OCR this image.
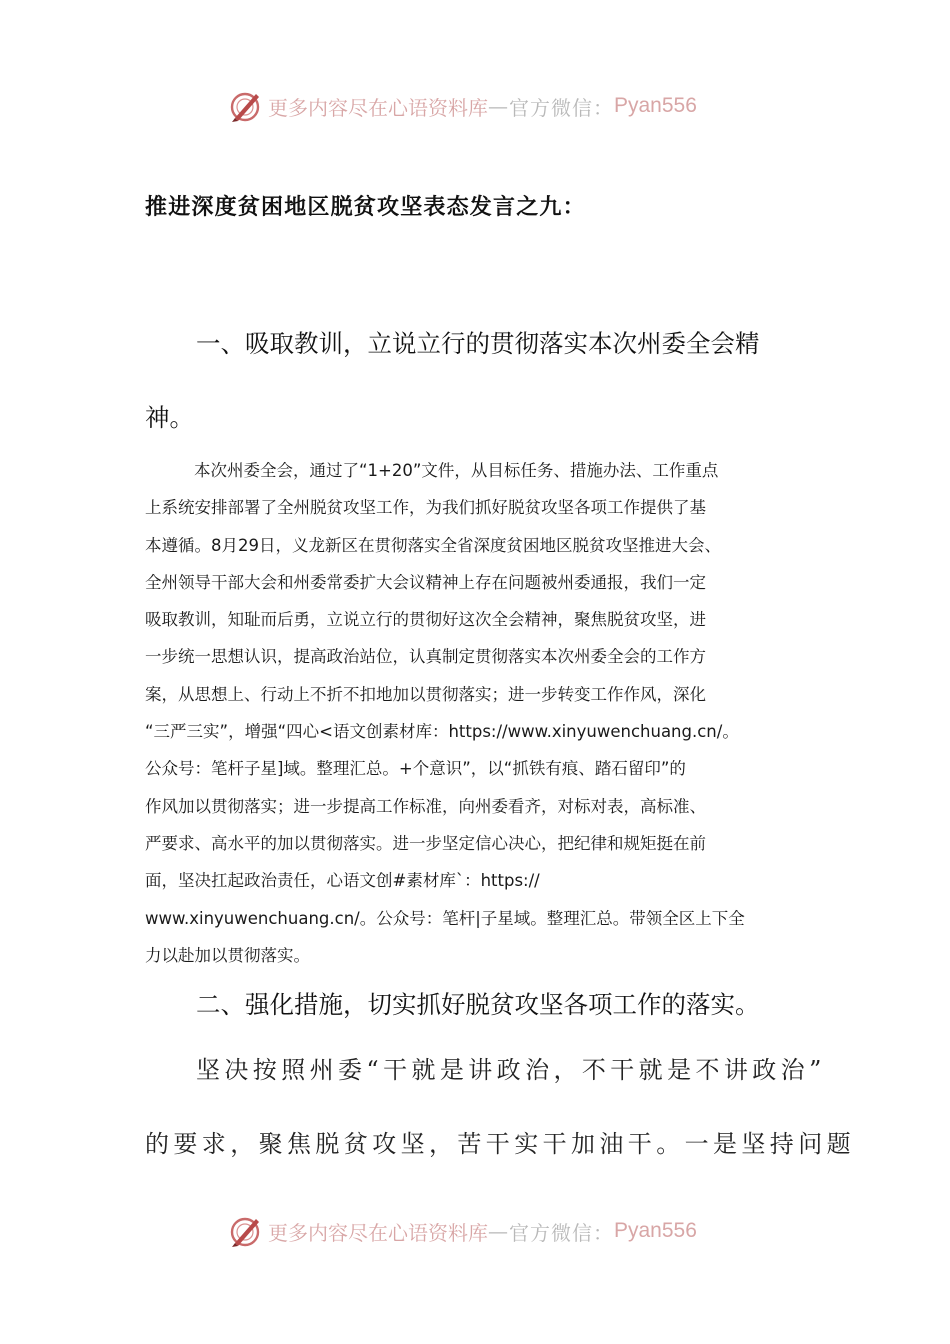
更多内容尽在心语资料库 — 官方微信： Pyan556
推进深度贫困地区脱贫攻坚表态发言之九：
一、吸取教训，立说立行的贯彻落实本次州委全会精
神。
本次州委全会，通过了“1+20”文件，从目标任务、措施办法、工作重点
上系统安排部署了全州脱贫攻坚工作，为我们抓好脱贫攻坚各项工作提供了基
本遵循。8月29日，义龙新区在贯彻落实全省深度贫困地区脱贫攻坚推进大会、
全州领导干部大会和州委常委扩大会议精神上存在问题被州委通报，我们一定
吸取教训，知耻而后勇，立说立行的贯彻好这次全会精神，聚焦脱贫攻坚，进
一步统一思想认识，提高政治站位，认真制定贯彻落实本次州委全会的工作方
案，从思想上、行动上不折不扣地加以贯彻落实；进一步转变工作作风，深化
“三严三实”，增强“四心<语文创素材库：https://www.xinyuwenchuang.cn/。
公众号：笔杆子星]域。整理汇总。+个意识”，以“抓铁有痕、踏石留印”的
作风加以贯彻落实；进一步提高工作标准，向州委看齐，对标对表，高标准、
严要求、高水平的加以贯彻落实。进一步坚定信心决心，把纪律和规矩挺在前
面，坚决扛起政治责任，心语文创#素材库`：https://
www.xinyuwenchuang.cn/。公众号：笔杆|子星域。整理汇总。带领全区上下全
力以赴加以贯彻落实。
二、强化措施，切实抓好脱贫攻坚各项工作的落实。
坚决按照州委“干就是讲政治，不干就是不讲政治”
的要求，聚焦脱贫攻坚，苦干实干加油干。一是坚持问题
更多内容尽在心语资料库 — 官方微信： Pyan556
